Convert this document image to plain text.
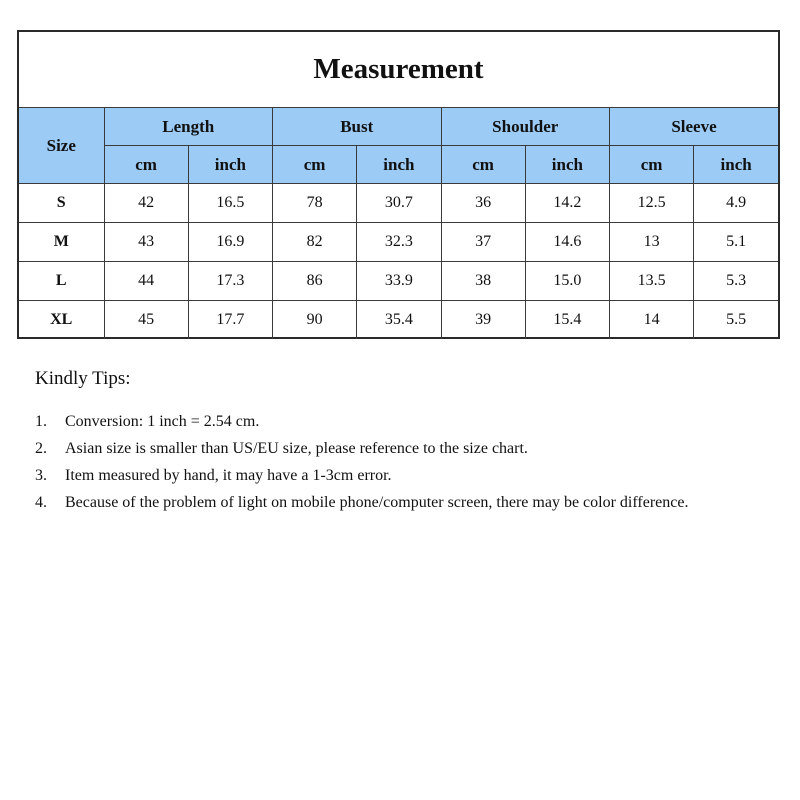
Measurement								
Size	Length		Bust		Shoulder		Sleeve	
	cm	inch	cm	inch	cm	inch	cm	inch
S	42	16.5	78	30.7	36	14.2	12.5	4.9
M	43	16.9	82	32.3	37	14.6	13	5.1
L	44	17.3	86	33.9	38	15.0	13.5	5.3
XL	45	17.7	90	35.4	39	15.4	14	5.5
Kindly Tips:
1.	Conversion: 1 inch = 2.54 cm.
2.	Asian size is smaller than US/EU size, please reference to the size chart.
3.	Item measured by hand, it may have a 1-3cm error.
4.	Because of the problem of light on mobile phone/computer screen, there may be color difference.
